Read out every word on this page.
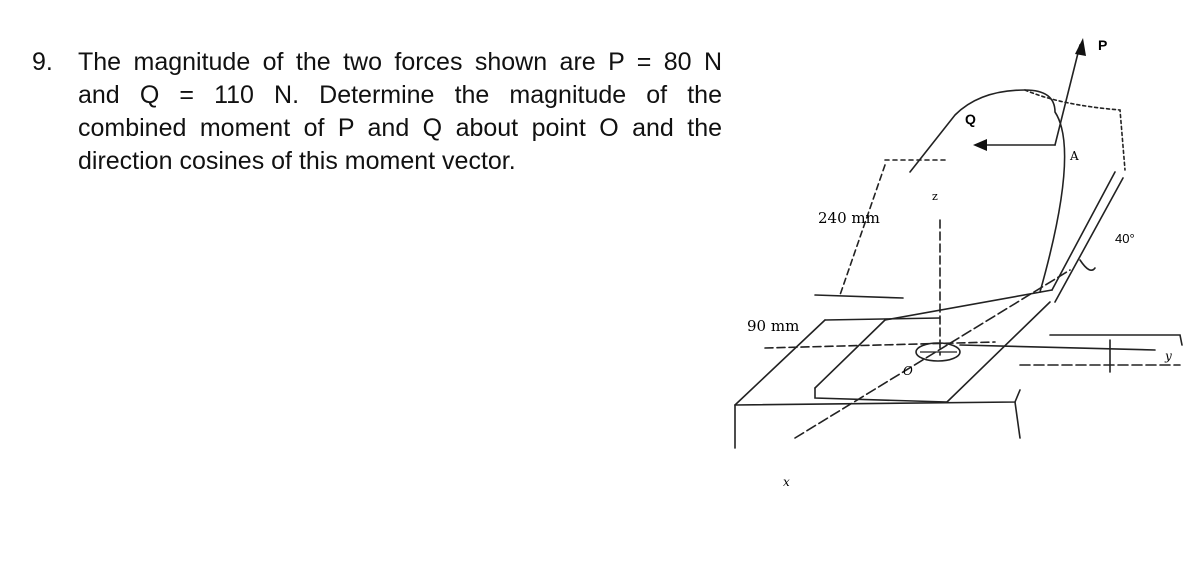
9. The magnitude of the two forces shown are P = 80 N
and Q = 110 N. Determine the magnitude of the
combined moment of P and Q about point O and the
direction cosines of this moment vector.
P
Q
A
z
240 mm
90 mm
40°
O
x
y
